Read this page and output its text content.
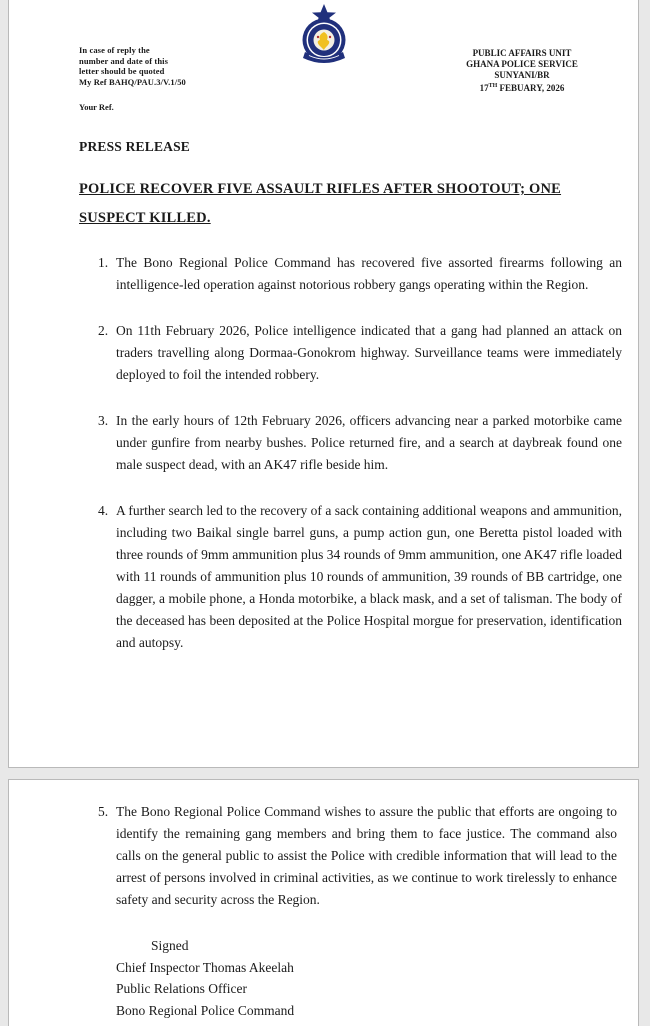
In case of reply the
number and date of this
letter should be quoted
My Ref BAHQ/PAU.3/V.1/50
Your Ref.
PUBLIC AFFAIRS UNIT
GHANA POLICE SERVICE
SUNYANI/BR
17TH FEBUARY, 2026
PRESS RELEASE
POLICE RECOVER FIVE ASSAULT RIFLES AFTER SHOOTOUT; ONE SUSPECT KILLED.
1. The Bono Regional Police Command has recovered five assorted firearms following an intelligence-led operation against notorious robbery gangs operating within the Region.
2. On 11th February 2026, Police intelligence indicated that a gang had planned an attack on traders travelling along Dormaa-Gonokrom highway. Surveillance teams were immediately deployed to foil the intended robbery.
3. In the early hours of 12th February 2026, officers advancing near a parked motorbike came under gunfire from nearby bushes. Police returned fire, and a search at daybreak found one male suspect dead, with an AK47 rifle beside him.
4. A further search led to the recovery of a sack containing additional weapons and ammunition, including two Baikal single barrel guns, a pump action gun, one Beretta pistol loaded with three rounds of 9mm ammunition plus 34 rounds of 9mm ammunition, one AK47 rifle loaded with 11 rounds of ammunition plus 10 rounds of ammunition, 39 rounds of BB cartridge, one dagger, a mobile phone, a Honda motorbike, a black mask, and a set of talisman. The body of the deceased has been deposited at the Police Hospital morgue for preservation, identification and autopsy.
5. The Bono Regional Police Command wishes to assure the public that efforts are ongoing to identify the remaining gang members and bring them to face justice. The command also calls on the general public to assist the Police with credible information that will lead to the arrest of persons involved in criminal activities, as we continue to work tirelessly to enhance safety and security across the Region.
Signed
Chief Inspector Thomas Akeelah
Public Relations Officer
Bono Regional Police Command
